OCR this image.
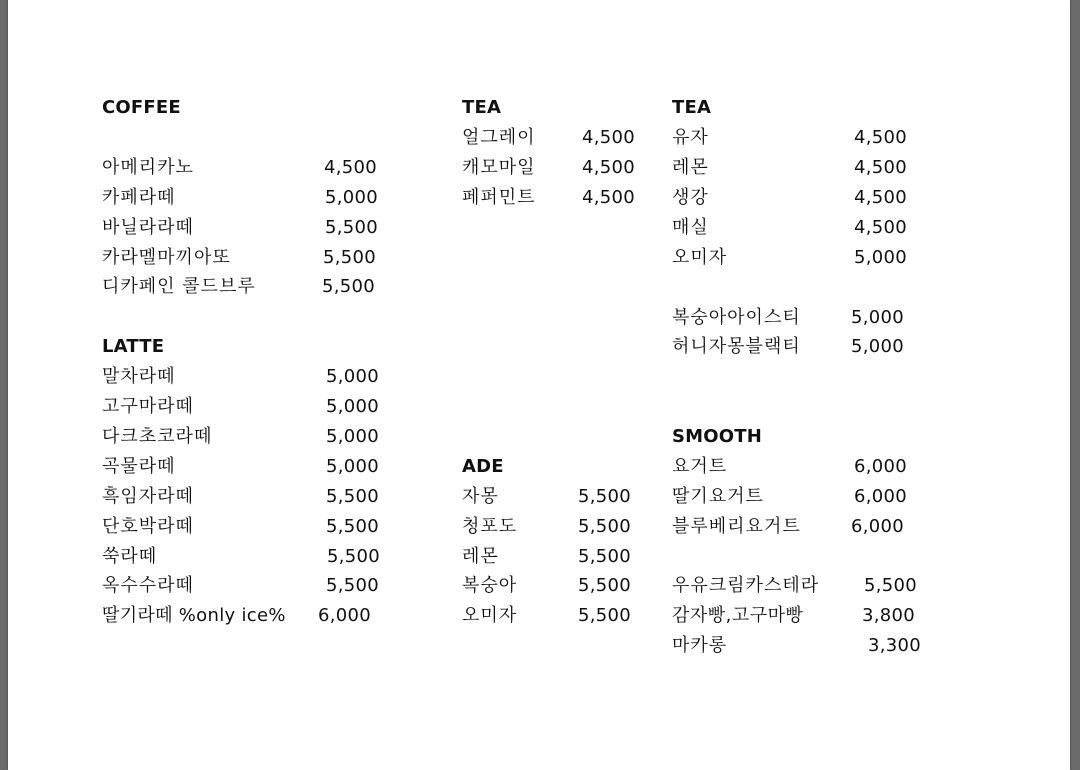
COFFEE
아메리카노	4,500
카페라떼	5,000
바닐라라떼	5,500
카라멜마끼아또	5,500
디카페인 콜드브루	5,500
LATTE
말차라떼	5,000
고구마라떼	5,000
다크초코라떼	5,000
곡물라떼	5,000
흑임자라떼	5,500
단호박라떼	5,500
쑥라떼	5,500
옥수수라떼	5,500
딸기라떼 %only ice% 6,000
TEA
얼그레이	4,500
캐모마일	4,500
페퍼민트	4,500
ADE
자몽	5,500
청포도	5,500
레몬	5,500
복숭아	5,500
오미자	5,500
TEA
유자	4,500
레몬	4,500
생강	4,500
매실	4,500
오미자	5,000
복숭아아이스티	5,000
허니자몽블랙티	5,000
SMOOTH
요거트	6,000
딸기요거트	6,000
블루베리요거트	6,000
우유크림카스테라 5,500
감자빵,고구마빵	3,800
마카롱	3,300
